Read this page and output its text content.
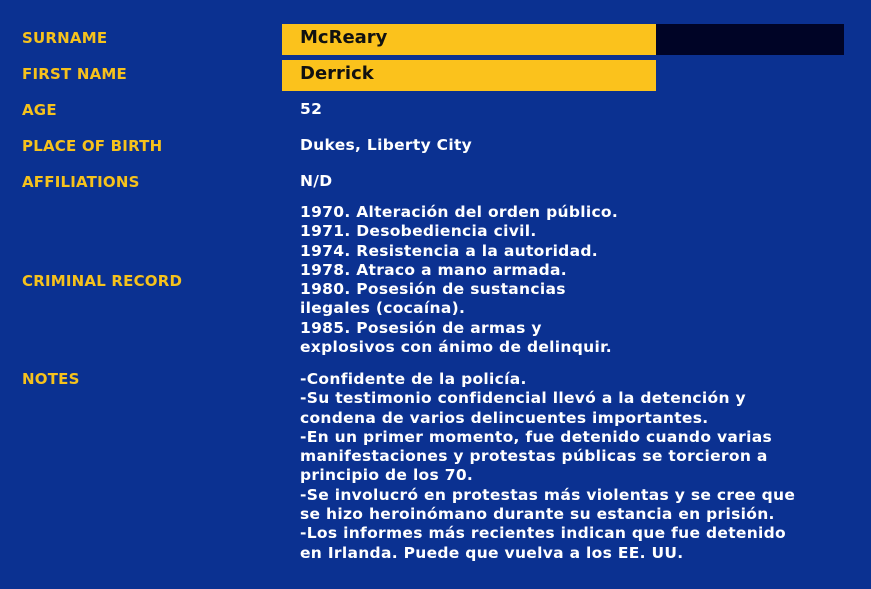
SURNAME
FIRST NAME
AGE
PLACE OF BIRTH
AFFILIATIONS
CRIMINAL RECORD
NOTES
McReary
Derrick
52
Dukes, Liberty City
N/D
1970. Alteración del orden público.
1971. Desobediencia civil.
1974. Resistencia a la autoridad.
1978. Atraco a mano armada.
1980. Posesión de sustancias
ilegales (cocaína).
1985. Posesión de armas y
explosivos con ánimo de delinquir.
-Confidente de la policía.
-Su testimonio confidencial llevó a la detención y
condena de varios delincuentes importantes.
-En un primer momento, fue detenido cuando varias
manifestaciones y protestas públicas se torcieron a
principio de los 70.
-Se involucró en protestas más violentas y se cree que
se hizo heroinómano durante su estancia en prisión.
-Los informes más recientes indican que fue detenido
en Irlanda. Puede que vuelva a los EE. UU.
